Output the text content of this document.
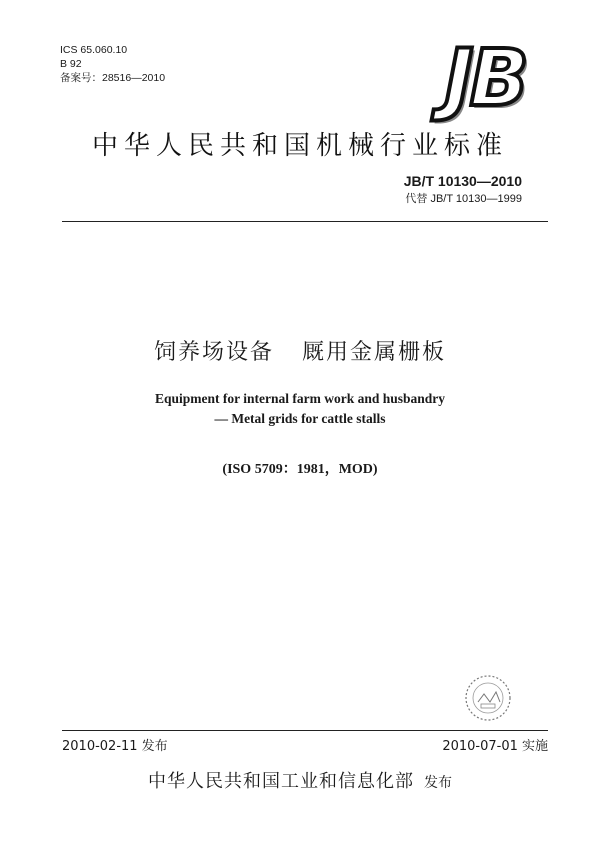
ICS 65.060.10
B 92
备案号：28516—2010	JB
中华人民共和国机械行业标准
JB/T 10130—2010
代替 JB/T 10130—1999
饲养场设备 厩用金属栅板
Equipment for internal farm work and husbandry
— Metal grids for cattle stalls
(ISO 5709：1981，MOD)
2010-02-11 发布	2010-07-01 实施
中华人民共和国工业和信息化部 发布
